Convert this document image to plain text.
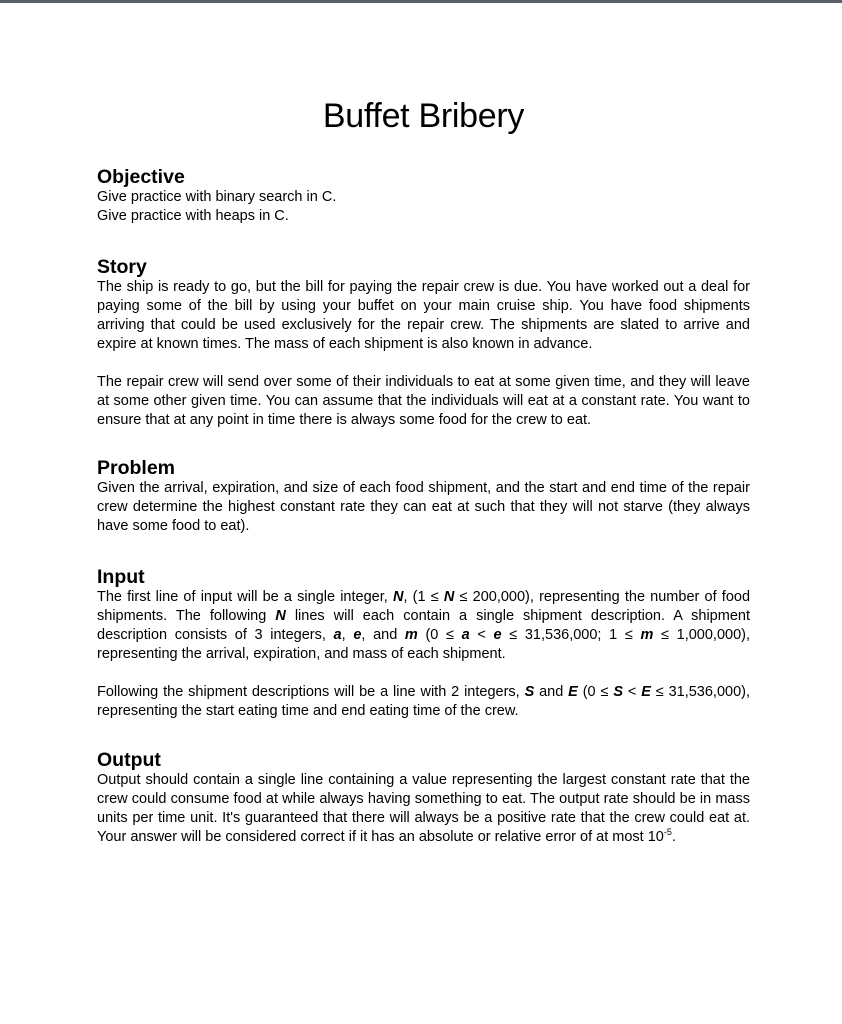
Buffet Bribery
Objective

Give practice with binary search in C.
Give practice with heaps in C.

Story

The ship is ready to go, but the bill for paying the repair crew is due. You have worked out a deal for paying some of the bill by using your buffet on your main cruise ship. You have food shipments arriving that could be used exclusively for the repair crew. The shipments are slated to arrive and expire at known times. The mass of each shipment is also known in advance.

The repair crew will send over some of their individuals to eat at some given time, and they will leave at some other given time. You can assume that the individuals will eat at a constant rate. You want to ensure that at any point in time there is always some food for the crew to eat.

Problem

Given the arrival, expiration, and size of each food shipment, and the start and end time of the repair crew determine the highest constant rate they can eat at such that they will not starve (they always have some food to eat).

Input

The first line of input will be a single integer, N, (1 ≤ N ≤ 200,000), representing the number of food shipments. The following N lines will each contain a single shipment description. A shipment description consists of 3 integers, a, e, and m (0 ≤ a < e ≤ 31,536,000; 1 ≤ m ≤ 1,000,000), representing the arrival, expiration, and mass of each shipment.

Following the shipment descriptions will be a line with 2 integers, S and E (0 ≤ S < E ≤ 31,536,000), representing the start eating time and end eating time of the crew.

Output

Output should contain a single line containing a value representing the largest constant rate that the crew could consume food at while always having something to eat. The output rate should be in mass units per time unit. It's guaranteed that there will always be a positive rate that the crew could eat at. Your answer will be considered correct if it has an absolute or relative error of at most $10^{-5}$.
